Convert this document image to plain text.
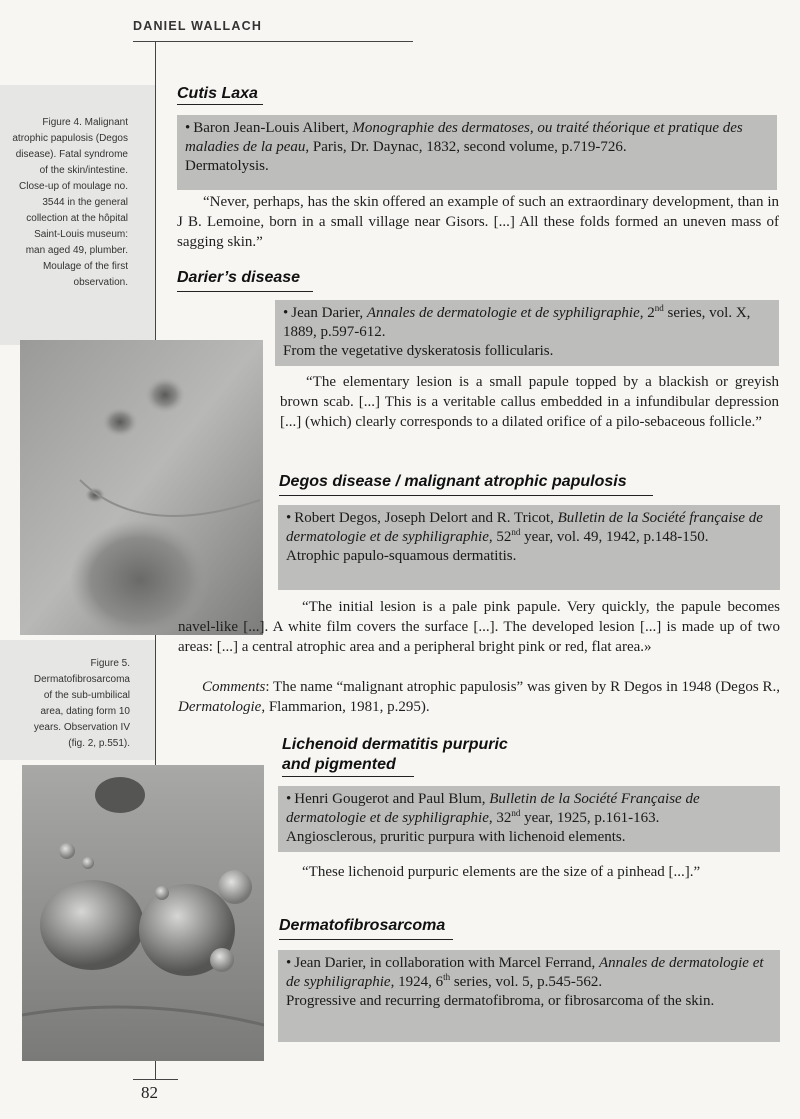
DANIEL WALLACH
82

Figure 4. Malignant atrophic papulosis (Degos disease). Fatal syndrome of the skin/intestine. Close-up of moulage no. 3544 in the general collection at the hôpital Saint-Louis museum: man aged 49, plumber. Moulage of the first observation.

Figure 5. Dermatofibrosarcoma of the sub-umbilical area, dating form 10 years. Observation IV (fig. 2, p.551).

Cutis Laxa
• Baron Jean-Louis Alibert, Monographie des dermatoses, ou traité théorique et pratique des maladies de la peau, Paris, Dr. Daynac, 1832, second volume, p.719-726.
Dermatolysis.

“Never, perhaps, has the skin offered an example of such an extraordinary development, than in J B. Lemoine, born in a small village near Gisors. [...] All these folds formed an uneven mass of sagging skin.”

Darier’s disease
• Jean Darier, Annales de dermatologie et de syphiligraphie, 2nd series, vol. X, 1889, p.597-612.
From the vegetative dyskeratosis follicularis.

“The elementary lesion is a small papule topped by a blackish or greyish brown scab. [...] This is a veritable callus embedded in a infundibular depression [...] (which) clearly corresponds to a dilated orifice of a pilo-sebaceous follicle.”

Degos disease / malignant atrophic papulosis
• Robert Degos, Joseph Delort and R. Tricot, Bulletin de la Société française de dermatologie et de syphiligraphie, 52nd year, vol. 49, 1942, p.148-150.
Atrophic papulo-squamous dermatitis.

“The initial lesion is a pale pink papule. Very quickly, the papule becomes navel-like [...]. A white film covers the surface [...]. The developed lesion [...] is made up of two areas: [...] a central atrophic area and a peripheral bright pink or red, flat area.»

Comments: The name “malignant atrophic papulosis” was given by R Degos in 1948 (Degos R., Dermatologie, Flammarion, 1981, p.295).

Lichenoid dermatitis purpuric
and pigmented
• Henri Gougerot and Paul Blum, Bulletin de la Société Française de dermatologie et de syphiligraphie, 32nd year, 1925, p.161-163.
Angiosclerous, pruritic purpura with lichenoid elements.

“These lichenoid purpuric elements are the size of a pinhead [...].”

Dermatofibrosarcoma
• Jean Darier, in collaboration with Marcel Ferrand, Annales de dermatologie et de syphiligraphie, 1924, 6th series, vol. 5, p.545-562.
Progressive and recurring dermatofibroma, or fibrosarcoma of the skin.
